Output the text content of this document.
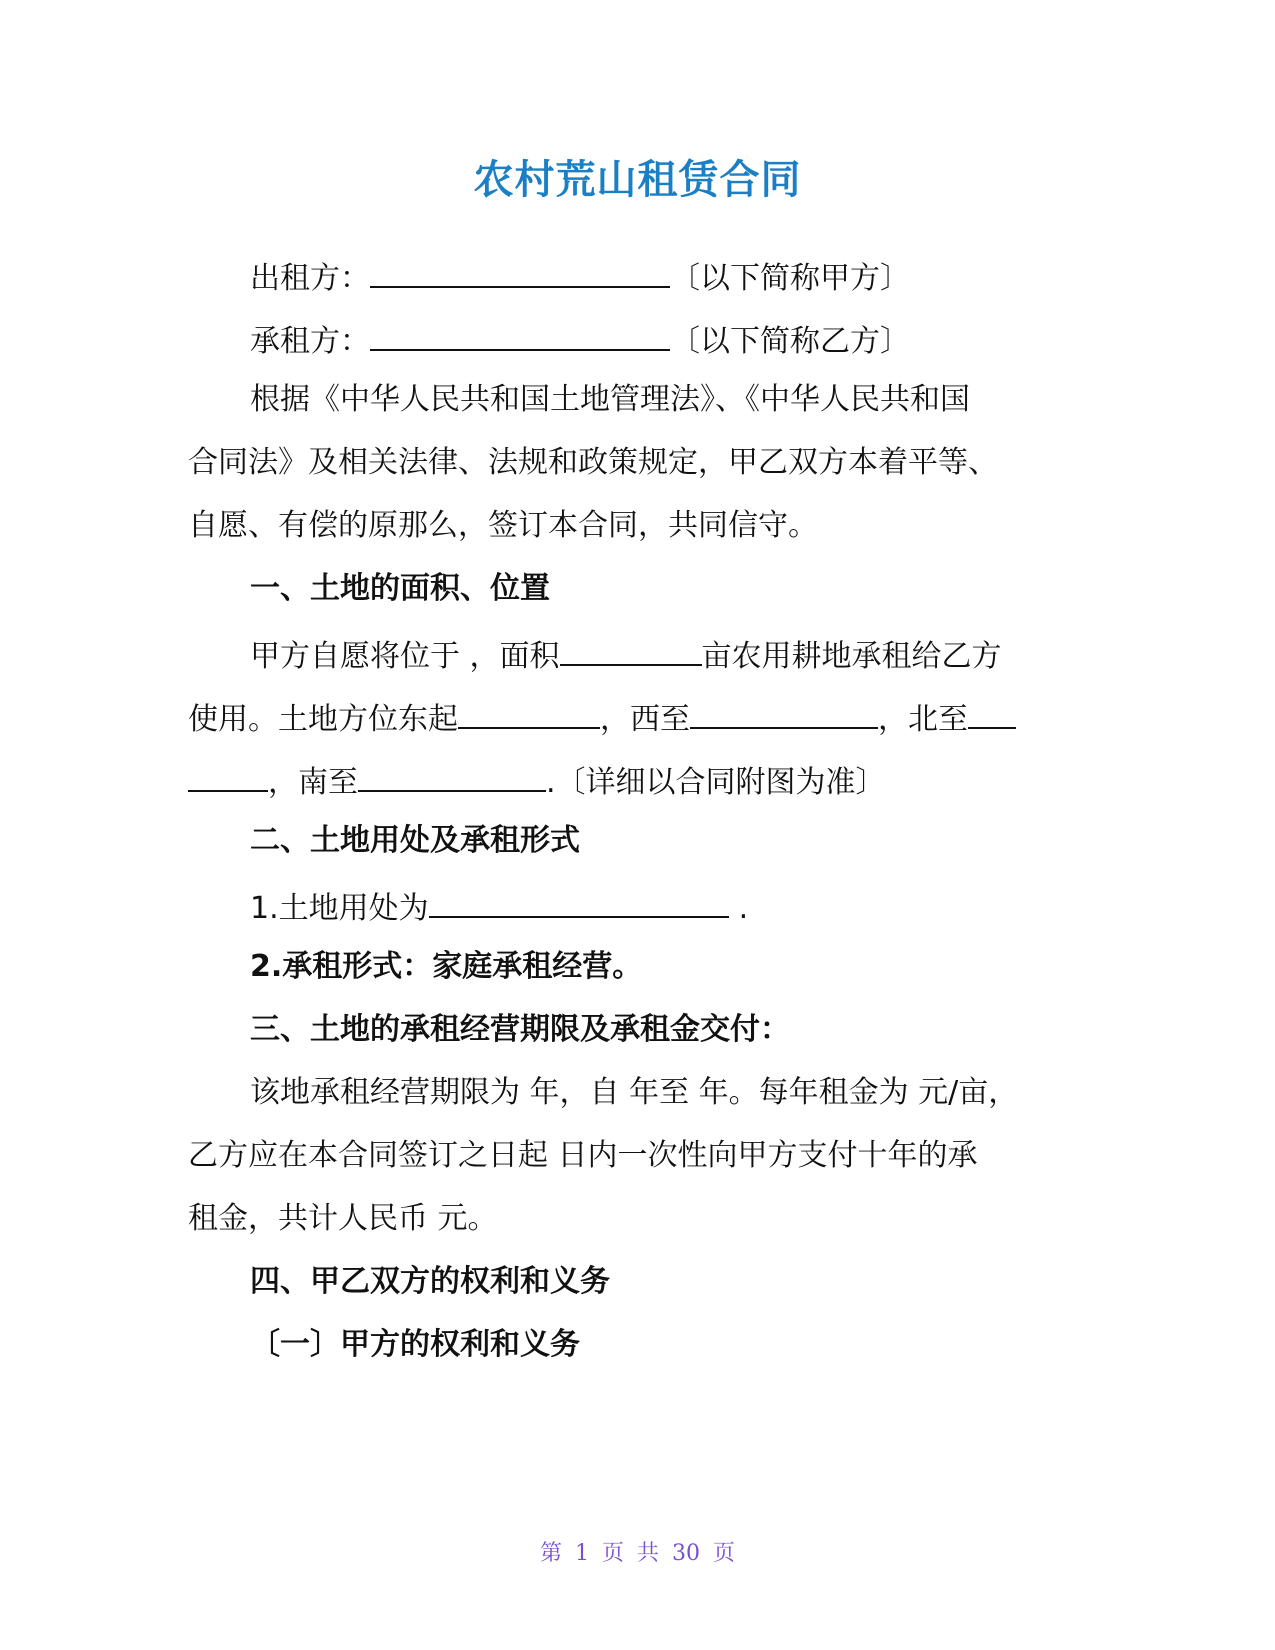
农村荒山租赁合同
出租方：	〔以下简称甲方〕
承租方：	〔以下简称乙方〕
根据《中华人民共和国土地管理法》、《中华人民共和国
合同法》及相关法律、法规和政策规定，甲乙双方本着平等、
自愿、有偿的原那么，签订本合同，共同信守。
一、土地的面积、位置
甲方自愿将位于 ，面积	亩农用耕地承租给乙方
使用。土地方位东起	，西至	，北至
，南至	.〔详细以合同附图为准〕
二、土地用处及承租形式
1.土地用处为	.
2.承租形式：家庭承租经营。
三、土地的承租经营期限及承租金交付：
该地承租经营期限为 年，自 年至 年。每年租金为 元/亩，
乙方应在本合同签订之日起 日内一次性向甲方支付十年的承
租金，共计人民币 元。
四、甲乙双方的权利和义务
〔一〕甲方的权利和义务
第 1 页 共 30 页
